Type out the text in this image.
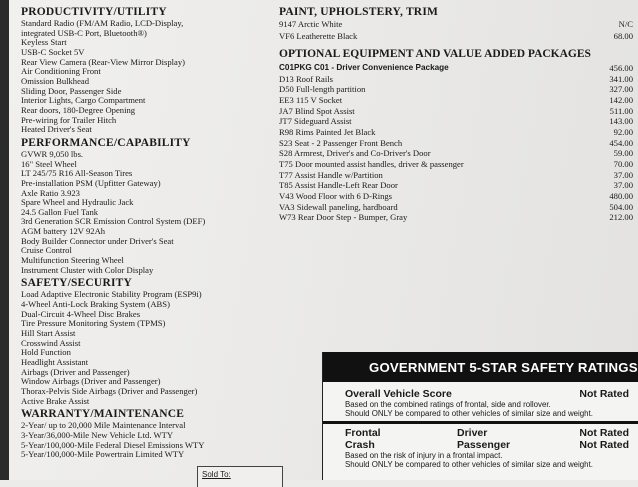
PRODUCTIVITY/UTILITY
Standard Radio (FM/AM Radio, LCD-Display,
integrated USB-C Port, Bluetooth®)
Keyless Start
USB-C Socket 5V
Rear View Camera (Rear-View Mirror Display)
Air Conditioning Front
Omission Bulkhead
Sliding Door, Passenger Side
Interior Lights, Cargo Compartment
Rear doors, 180-Degree Opening
Pre-wiring for Trailer Hitch
Heated Driver's Seat
PERFORMANCE/CAPABILITY
GVWR 9,050 lbs.
16" Steel Wheel
LT 245/75 R16 All-Season Tires
Pre-installation PSM (Upfitter Gateway)
Axle Ratio 3.923
Spare Wheel and Hydraulic Jack
24.5 Gallon Fuel Tank
3rd Generation SCR Emission Control System (DEF)
AGM battery 12V 92Ah
Body Builder Connector under Driver's Seat
Cruise Control
Multifunction Steering Wheel
Instrument Cluster with Color Display
SAFETY/SECURITY
Load Adaptive Electronic Stability Program (ESP9i)
4-Wheel Anti-Lock Braking System (ABS)
Dual-Circuit 4-Wheel Disc Brakes
Tire Pressure Monitoring System (TPMS)
Hill Start Assist
Crosswind Assist
Hold Function
Headlight Assistant
Airbags (Driver and Passenger)
Window Airbags (Driver and Passenger)
Thorax-Pelvis Side Airbags (Driver and Passenger)
Active Brake Assist
WARRANTY/MAINTENANCE
2-Year/ up to 20,000 Mile Maintenance Interval
3-Year/36,000-Mile New Vehicle Ltd. WTY
5-Year/100,000-Mile Federal Diesel Emissions WTY
5-Year/100,000-Mile Powertrain Limited WTY
Sold To:
PAINT, UPHOLSTERY, TRIM
9147 Arctic White	N/C
VF6 Leatherette Black	68.00
OPTIONAL EQUIPMENT AND VALUE ADDED PACKAGES
C01PKG C01 - Driver Convenience Package	456.00
D13 Roof Rails	341.00
D50 Full-length partition	327.00
EE3 115 V Socket	142.00
JA7 Blind Spot Assist	511.00
JT7 Sideguard Assist	143.00
R98 Rims Painted Jet Black	92.00
S23 Seat - 2 Passenger Front Bench	454.00
S28 Armrest, Driver's and Co-Driver's Door	59.00
T75 Door mounted assist handles, driver & passenger	70.00
T77 Assist Handle w/Partition	37.00
T85 Assist Handle-Left Rear Door	37.00
V43 Wood Floor with 6 D-Rings	480.00
VA3 Sidewall paneling, hardboard	504.00
W73 Rear Door Step - Bumper, Gray	212.00
GOVERNMENT 5-STAR SAFETY RATINGS
Overall Vehicle Score	Not Rated
Based on the combined ratings of frontal, side and rollover.
Should ONLY be compared to other vehicles of similar size and weight.
Frontal	Driver	Not Rated
Crash	Passenger	Not Rated
Based on the risk of injury in a frontal impact.
Should ONLY be compared to other vehicles of similar size and weight.
